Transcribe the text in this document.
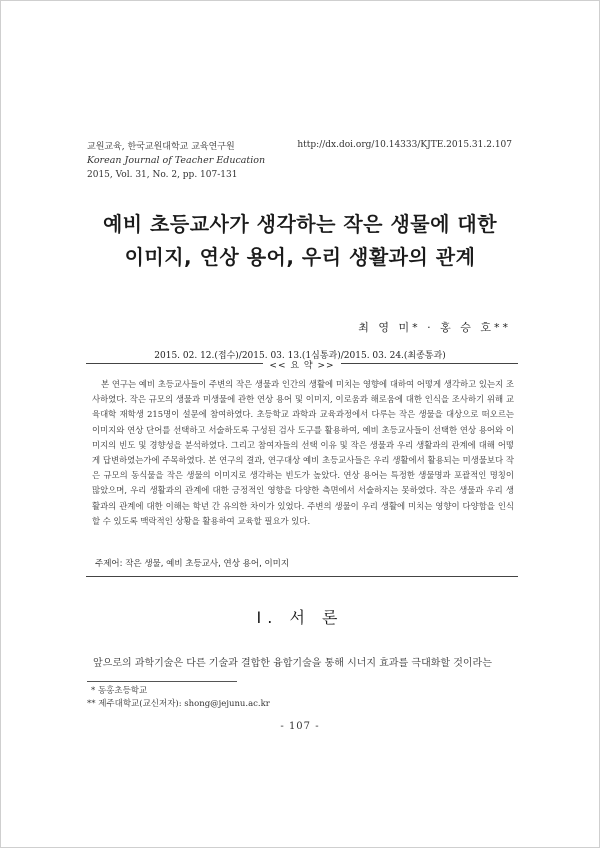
교원교육, 한국교원대학교 교육연구원
Korean Journal of Teacher Education
2015, Vol. 31, No. 2, pp. 107-131
http://dx.doi.org/10.14333/KJTE.2015.31.2.107
예비 초등교사가 생각하는 작은 생물에 대한
이미지, 연상 용어, 우리 생활과의 관계
최 영 미* · 홍 승 호**
2015. 02. 12.(접수)/2015. 03. 13.(1심통과)/2015. 03. 24.(최종통과)
<< 요 약 >>
본 연구는 예비 초등교사들이 주변의 작은 생물과 인간의 생활에 미치는 영향에 대하여 어떻게 생각하고 있는지 조사하였다. 작은 규모의 생물과 미생물에 관한 연상 용어 및 이미지, 이로움과 해로움에 대한 인식을 조사하기 위해 교육대학 재학생 215명이 설문에 참여하였다. 초등학교 과학과 교육과정에서 다루는 작은 생물을 대상으로 떠오르는 이미지와 연상 단어를 선택하고 서술하도록 구성된 검사 도구를 활용하여, 예비 초등교사들이 선택한 연상 용어와 이미지의 빈도 및 경향성을 분석하였다. 그리고 참여자들의 선택 이유 및 작은 생물과 우리 생활과의 관계에 대해 어떻게 답변하였는가에 주목하였다. 본 연구의 결과, 연구대상 예비 초등교사들은 우리 생활에서 활용되는 미생물보다 작은 규모의 동식물을 작은 생물의 이미지로 생각하는 빈도가 높았다. 연상 용어는 특정한 생물명과 포괄적인 명칭이 많았으며, 우리 생활과의 관계에 대한 긍정적인 영향을 다양한 측면에서 서술하지는 못하였다. 작은 생물과 우리 생활과의 관계에 대한 이해는 학년 간 유의한 차이가 있었다. 주변의 생물이 우리 생활에 미치는 영향이 다양함을 인식할 수 있도록 맥락적인 상황을 활용하여 교육할 필요가 있다.
주제어: 작은 생물, 예비 초등교사, 연상 용어, 이미지
Ⅰ. 서 론
앞으로의 과학기술은 다른 기술과 결합한 융합기술을 통해 시너지 효과를 극대화할 것이라는
* 동홍초등학교
** 제주대학교(교신저자): shong@jejunu.ac.kr
- 107 -
